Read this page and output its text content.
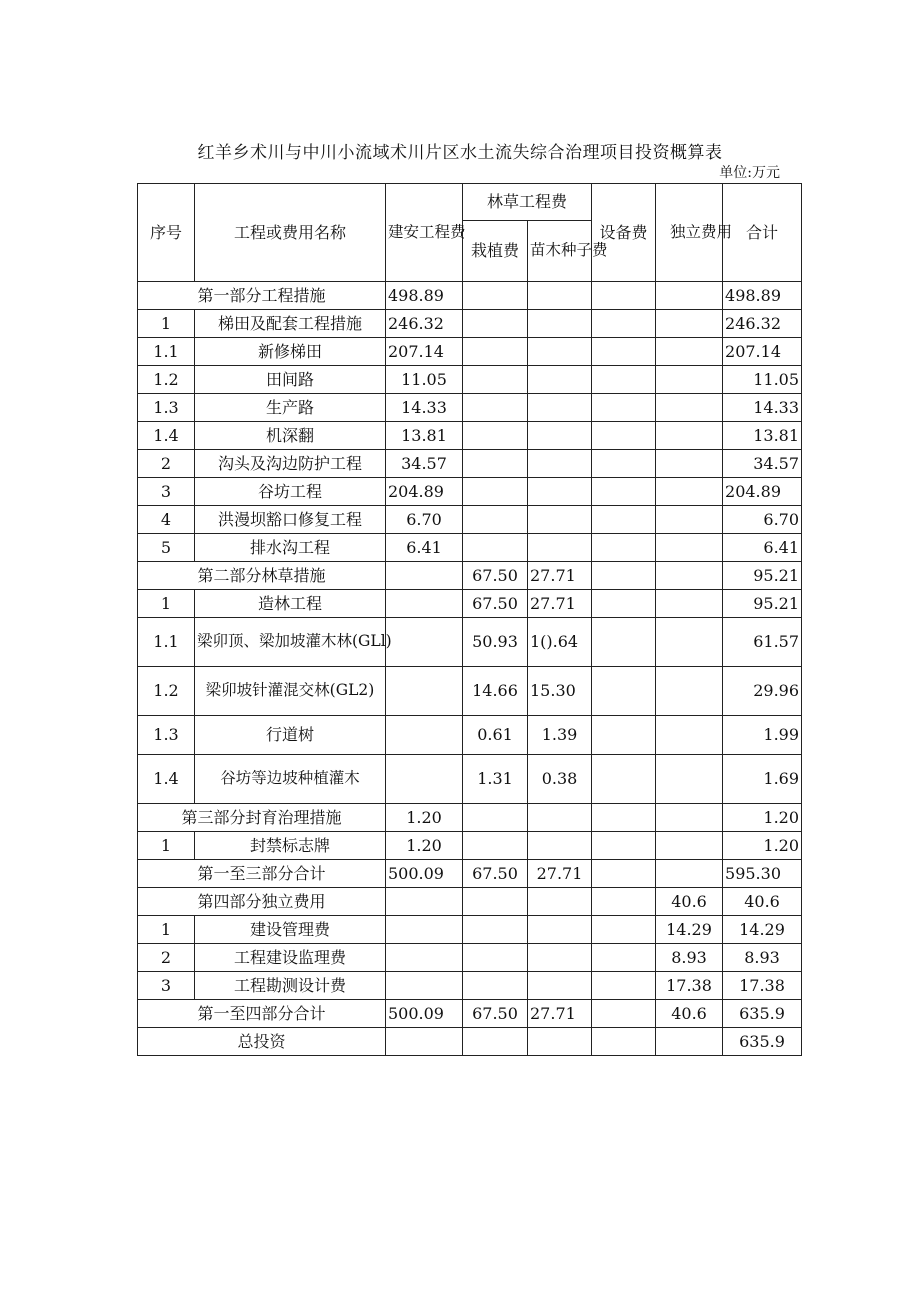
红羊乡术川与中川小流域术川片区水土流失综合治理项目投资概算表
单位:万元
序号	工程或费用名称	建安工程费	林草工程费		设备费	独立费用	合计
			栽植费	苗木种子费			
第一部分工程措施		498.89					498.89
1	梯田及配套工程措施	246.32					246.32
1.1	新修梯田	207.14					207.14
1.2	田间路	11.05					11.05
1.3	生产路	14.33					14.33
1.4	机深翻	13.81					13.81
2	沟头及沟边防护工程	34.57					34.57
3	谷坊工程	204.89					204.89
4	洪漫坝豁口修复工程	6.70					6.70
5	排水沟工程	6.41					6.41
第二部分林草措施			67.50	27.71			95.21
1	造林工程		67.50	27.71			95.21
1.1	梁卯顶、梁加坡灌木林(GLl)		50.93	1().64			61.57
1.2	梁卯坡针灌混交林(GL2)		14.66	15.30			29.96
1.3	行道树		0.61	1.39			1.99
1.4	谷坊等边坡种植灌木		1.31	0.38			1.69
第三部分封育治理措施		1.20					1.20
1	封禁标志牌	1.20					1.20
第一至三部分合计		500.09	67.50	27.71			595.30
第四部分独立费用						40.6	40.6
1	建设管理费					14.29	14.29
2	工程建设监理费					8.93	8.93
3	工程勘测设计费					17.38	17.38
第一至四部分合计		500.09	67.50	27.71		40.6	635.9
总投资							635.9
